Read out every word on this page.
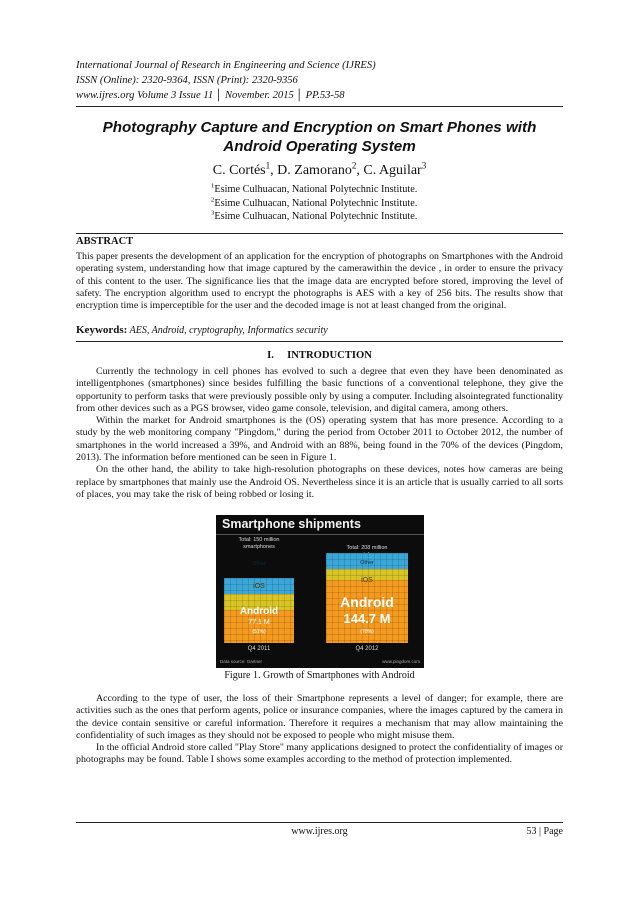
International Journal of Research in Engineering and Science (IJRES)
ISSN (Online): 2320-9364, ISSN (Print): 2320-9356
www.ijres.org Volume 3 Issue 11 │ November. 2015 │ PP.53-58
Photography Capture and Encryption on Smart Phones with
Android Operating System
C. Cortés$^1$, D. Zamorano$^2$, C. Aguilar$^3$
$^1$Esime Culhuacan, National Polytechnic Institute.
$^2$Esime Culhuacan, National Polytechnic Institute.
$^3$Esime Culhuacan, National Polytechnic Institute.
ABSTRACT

This paper presents the development of an application for the encryption of photographs on Smartphones with the Android operating system, understanding how that image captured by the camerawithin the device , in order to ensure the privacy of this content to the user. The significance lies that the image data are encrypted before stored, improving the level of safety. The encryption algorithm used to encrypt the photographs is AES with a key of 256 bits. The results show that encryption time is imperceptible for the user and the decoded image is not at least changed from the original.

Keywords: AES, Android, cryptography, Informatics security
I. INTRODUCTION

Currently the technology in cell phones has evolved to such a degree that even they have been denominated as intelligentphones (smartphones) since besides fulfilling the basic functions of a conventional telephone, they give the opportunity to perform tasks that were previously possible only by using a computer. Including alsointegrated functionality from other devices such as a PGS browser, video game console, television, and digital camera, among others.

Within the market for Android smartphones is the (OS) operating system that has more presence. According to a study by the web monitoring company "Pingdom," during the period from October 2011 to October 2012, the number of smartphones in the world increased a 39%, and Android with an 88%, being found in the 70% of the devices (Pingdom, 2013). The information before mentioned can be seen in Figure 1.

On the other hand, the ability to take high-resolution photographs on these devices, notes how cameras are being replace by smartphones that mainly use the Android OS. Nevertheless since it is an article that is usually carried to all sorts of places, you may take the risk of being robbed or losing it.

Smartphone shipments
Total: 150 million
smartphones	Total: 208 million
Other
iOS
Android
77.1 M
(51%)
Other
iOS
Android
144.7 M
(70%)
Q4 2011	Q4 2012
Data source: Gartner	www.pingdom.com
Figure 1. Growth of Smartphones with Android

According to the type of user, the loss of their Smartphone represents a level of danger; for example, there are activities such as the ones that perform agents, police or insurance companies, where the images captured by the camera in the device contain sensitive or careful information. Therefore it requires a mechanism that may allow maintaining the confidentiality of such images as they should not be exposed to people who might misuse them.

In the official Android store called "Play Store" many applications designed to protect the confidentiality of images or photographs may be found. Table I shows some examples according to the method of protection implemented.

www.ijres.org	53 | Page
